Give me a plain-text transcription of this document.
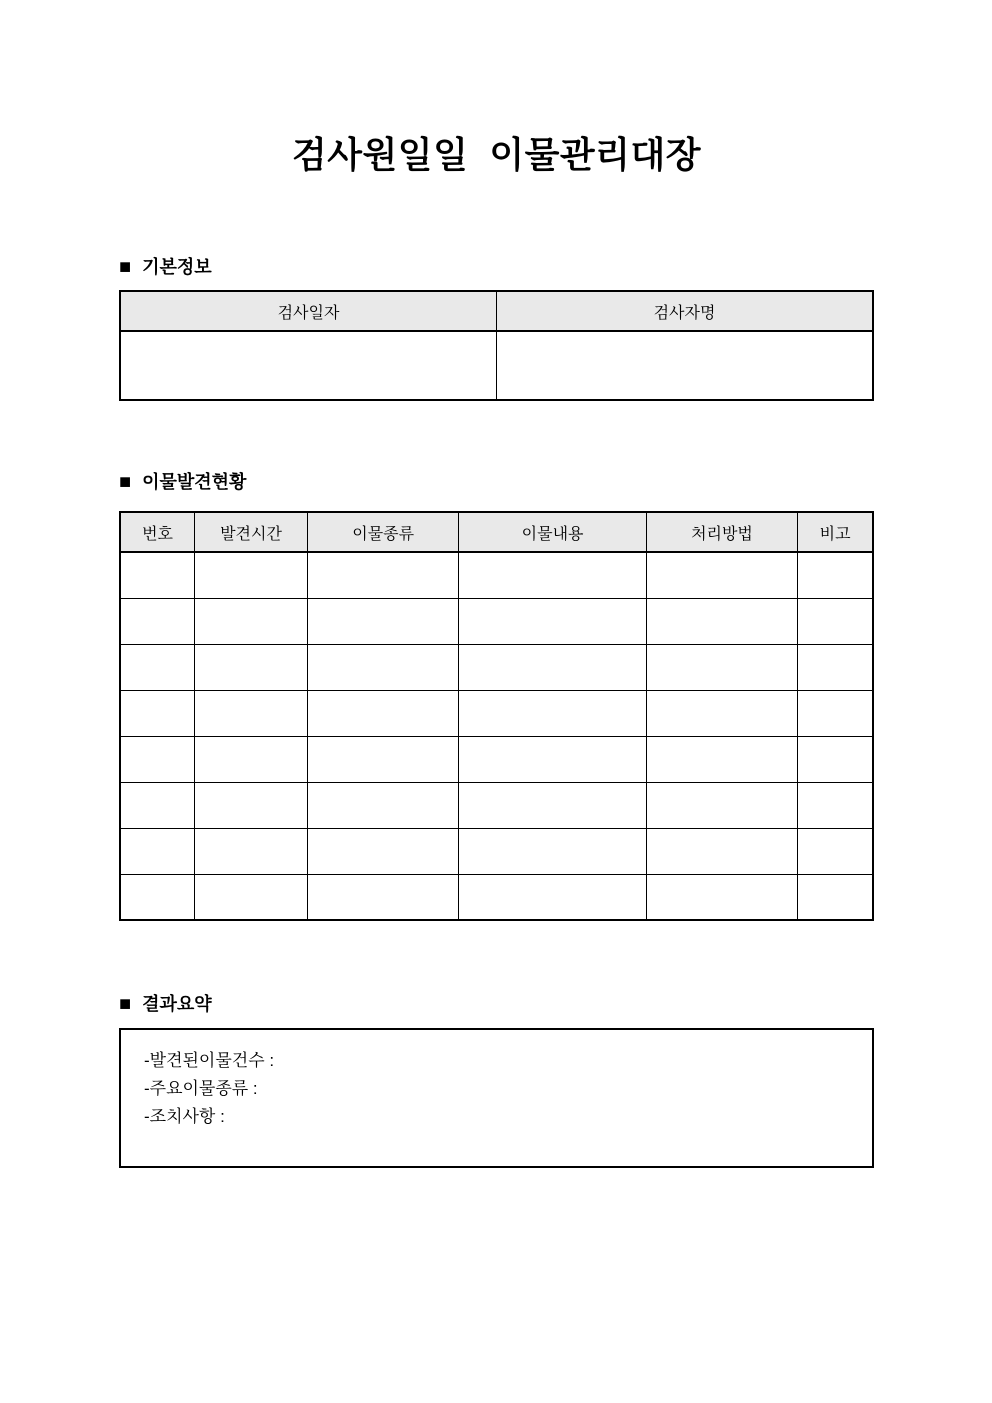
검사원일일  이물관리대장
■ 기본정보
검사일자	검사자명

■ 이물발견현황
번호	발견시간	이물종류	이물내용	처리방법	비고

■ 결과요약
-발견된이물건수 :
-주요이물종류 :
-조치사항 :
